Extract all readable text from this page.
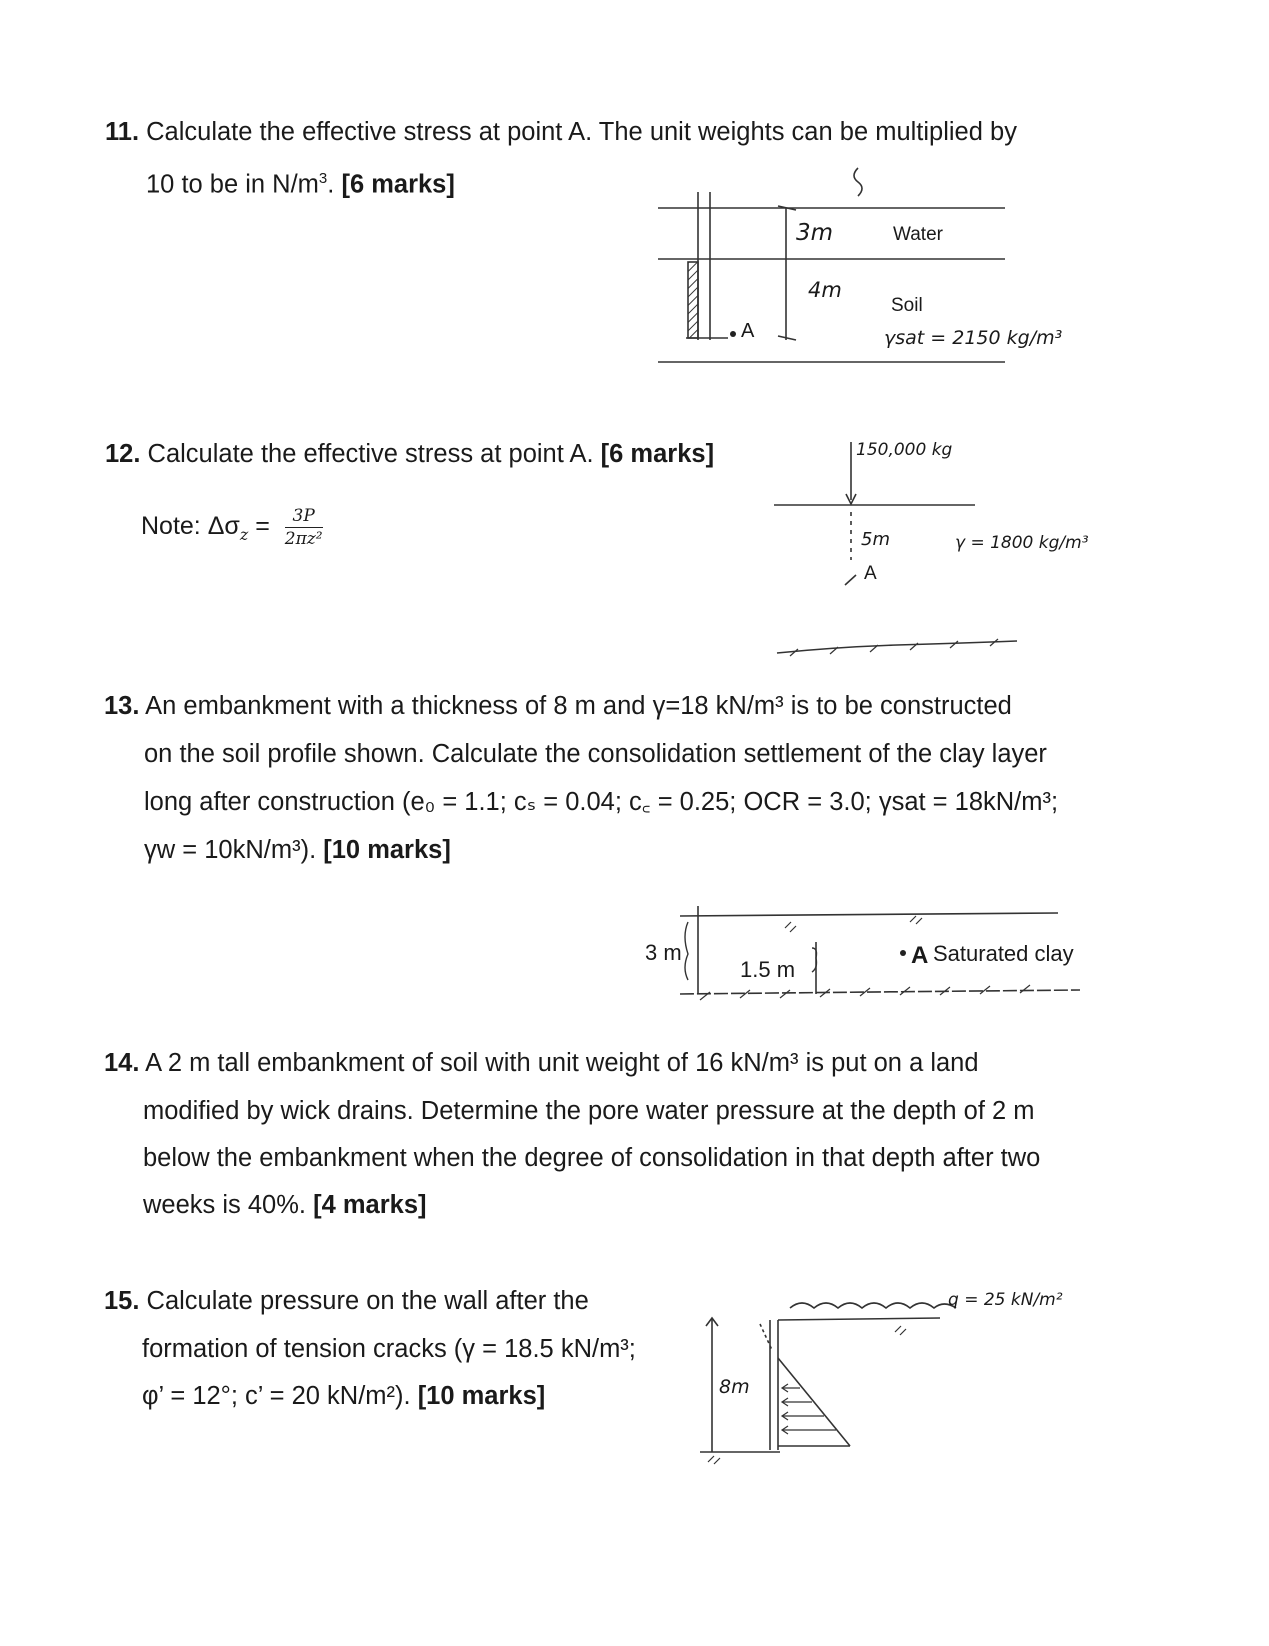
11. Calculate the effective stress at point A. The unit weights can be multiplied by
10 to be in $N/m^3$. [6 marks]
3m
4m
Water
Soil
γsat = 2150 kg/m³
A
12. Calculate the effective stress at point A. [6 marks]
Note: $\Delta\sigma_z = \frac{3P}{\text{2πz²}}$
150,000 kg
5m	γ = 1800 kg/m³
A
13. An embankment with a thickness of 8 m and γ=18 kN/m³ is to be constructed
on the soil profile shown. Calculate the consolidation settlement of the clay layer
long after construction (e₀ = 1.1; cₛ = 0.04; c꜀ = 0.25; OCR = 3.0; γsat = 18kN/m³;
γw = 10kN/m³). [10 marks]
3 m
1.5 m
A Saturated clay
14. A 2 m tall embankment of soil with unit weight of 16 kN/m³ is put on a land
modified by wick drains. Determine the pore water pressure at the depth of 2 m
below the embankment when the degree of consolidation in that depth after two
weeks is 40%. [4 marks]
15. Calculate pressure on the wall after the
formation of tension cracks (γ = 18.5 kN/m³;
φ’ = 12°; c’ = 20 kN/m²). [10 marks]
q = 25 kN/m²
8m
